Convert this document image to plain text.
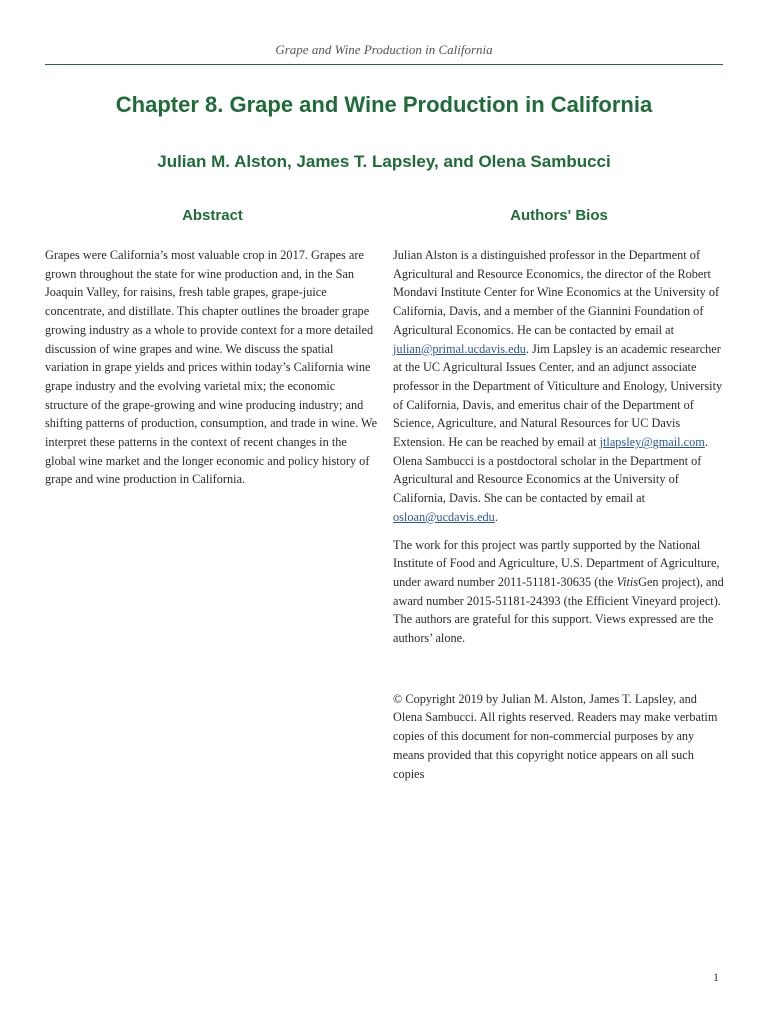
Grape and Wine Production in California
Chapter 8. Grape and Wine Production in California
Julian M. Alston, James T. Lapsley, and Olena Sambucci
Abstract

Grapes were California’s most valuable crop in 2017. Grapes are grown throughout the state for wine production and, in the San Joaquin Valley, for raisins, fresh table grapes, grape-juice concentrate, and distillate. This chapter outlines the broader grape growing industry as a whole to provide context for a more detailed discussion of wine grapes and wine. We discuss the spatial variation in grape yields and prices within today’s California wine grape industry and the evolving varietal mix; the economic structure of the grape-growing and wine producing industry; and shifting patterns of production, consumption, and trade in wine. We interpret these patterns in the context of recent changes in the global wine market and the longer economic and policy history of grape and wine production in California.

Authors' Bios

Julian Alston is a distinguished professor in the Department of Agricultural and Resource Economics, the director of the Robert Mondavi Institute Center for Wine Economics at the University of California, Davis, and a member of the Giannini Foundation of Agricultural Economics. He can be contacted by email at julian@primal.ucdavis.edu. Jim Lapsley is an academic researcher at the UC Agricultural Issues Center, and an adjunct associate professor in the Department of Viticulture and Enology, University of California, Davis, and emeritus chair of the Department of Science, Agriculture, and Natural Resources for UC Davis Extension. He can be reached by email at jtlapsley@gmail.com. Olena Sambucci is a postdoctoral scholar in the Department of Agricultural and Resource Economics at the University of California, Davis. She can be contacted by email at osloan@ucdavis.edu.

The work for this project was partly supported by the National Institute of Food and Agriculture, U.S. Department of Agriculture, under award number 2011-51181-30635 (the VitisGen project), and award number 2015-51181-24393 (the Efficient Vineyard project). The authors are grateful for this support. Views expressed are the authors’ alone.

© Copyright 2019 by Julian M. Alston, James T. Lapsley, and Olena Sambucci. All rights reserved. Readers may make verbatim copies of this document for non-commercial purposes by any means provided that this copyright notice appears on all such copies

1
